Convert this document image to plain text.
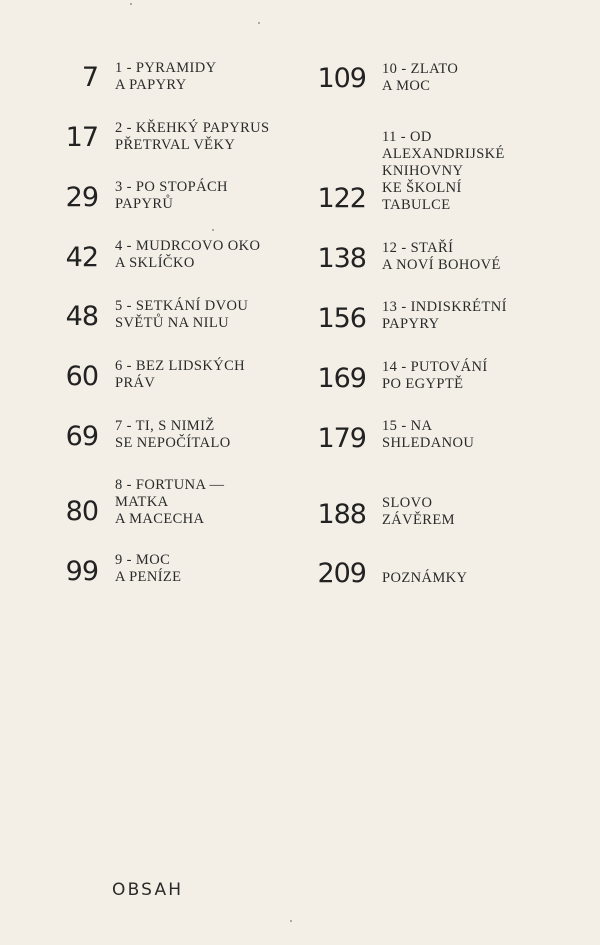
7 1 - PYRAMIDY
A PAPYRY
17 2 - KŘEHKÝ PAPYRUS
PŘETRVAL VĚKY
29 3 - PO STOPÁCH
PAPYRŮ
42 4 - MUDRCOVO OKO
A SKLÍČKO
48 5 - SETKÁNÍ DVOU
SVĚTŮ NA NILU
60 6 - BEZ LIDSKÝCH
PRÁV
69 7 - TI, S NIMIŽ
SE NEPOČÍTALO
80
8 - FORTUNA —
MATKA
A MACECHA
99 9 - MOC
A PENÍZE
109 10 - ZLATO
A MOC
122
11 - OD
ALEXANDRIJSKÉ
KNIHOVNY
KE ŠKOLNÍ
TABULCE
138 12 - STAŘÍ
A NOVÍ BOHOVÉ
156 13 - INDISKRÉTNÍ
PAPYRY
169 14 - PUTOVÁNÍ
PO EGYPTĚ
179 15 - NA
SHLEDANOU
188 SLOVO
ZÁVĚREM
209 POZNÁMKY
OBSAH
